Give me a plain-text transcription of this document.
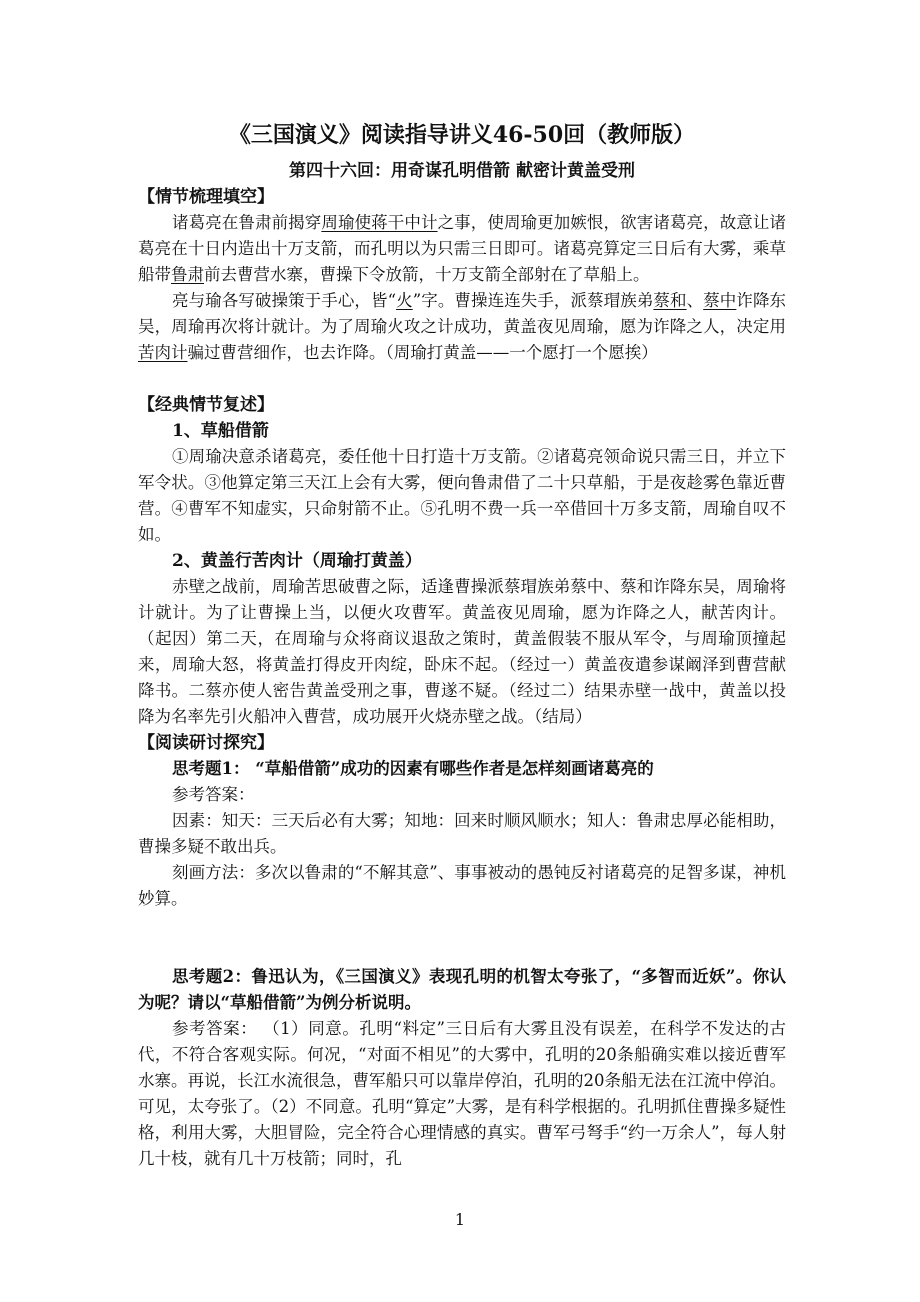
《三国演义》阅读指导讲义46-50回（教师版）
第四十六回：用奇谋孔明借箭 献密计黄盖受刑
【情节梳理填空】

诸葛亮在鲁肃前揭穿周瑜使蒋干中计之事，使周瑜更加嫉恨，欲害诸葛亮，故意让诸葛亮在十日内造出十万支箭，而孔明以为只需三日即可。诸葛亮算定三日后有大雾，乘草船带鲁肃前去曹营水寨，曹操下令放箭，十万支箭全部射在了草船上。

亮与瑜各写破操策于手心，皆“火”字。曹操连连失手，派蔡瑁族弟蔡和、蔡中诈降东吴，周瑜再次将计就计。为了周瑜火攻之计成功，黄盖夜见周瑜，愿为诈降之人，决定用苦肉计骗过曹营细作，也去诈降。（周瑜打黄盖——一个愿打一个愿挨）

【经典情节复述】
1、草船借箭

①周瑜决意杀诸葛亮，委任他十日打造十万支箭。②诸葛亮领命说只需三日，并立下军令状。③他算定第三天江上会有大雾，便向鲁肃借了二十只草船，于是夜趁雾色靠近曹营。④曹军不知虚实，只命射箭不止。⑤孔明不费一兵一卒借回十万多支箭，周瑜自叹不如。

2、黄盖行苦肉计（周瑜打黄盖）

赤壁之战前，周瑜苦思破曹之际，适逢曹操派蔡瑁族弟蔡中、蔡和诈降东吴，周瑜将计就计。为了让曹操上当，以便火攻曹军。黄盖夜见周瑜，愿为诈降之人，献苦肉计。 （起因）第二天，在周瑜与众将商议退敌之策时，黄盖假装不服从军令，与周瑜顶撞起来，周瑜大怒，将黄盖打得皮开肉绽，卧床不起。（经过一）黄盖夜遣参谋阚泽到曹营献降书。二蔡亦使人密告黄盖受刑之事，曹遂不疑。（经过二）结果赤壁一战中，黄盖以投降为名率先引火船冲入曹营，成功展开火烧赤壁之战。（结局）

【阅读研讨探究】

思考题1： “草船借箭”成功的因素有哪些作者是怎样刻画诸葛亮的

参考答案：

因素：知天：三天后必有大雾；知地：回来时顺风顺水；知人：鲁肃忠厚必能相助，曹操多疑不敢出兵。

刻画方法：多次以鲁肃的“不解其意”、事事被动的愚钝反衬诸葛亮的足智多谋，神机妙算。

思考题2：鲁迅认为，《三国演义》表现孔明的机智太夸张了，“多智而近妖”。你认为呢？请以“草船借箭”为例分析说明。

参考答案： （1）同意。孔明“料定”三日后有大雾且没有误差，在科学不发达的古代，不符合客观实际。何况，“对面不相见”的大雾中，孔明的20条船确实难以接近曹军水寨。再说，长江水流很急，曹军船只可以靠岸停泊，孔明的20条船无法在江流中停泊。可见，太夸张了。（2）不同意。孔明“算定”大雾，是有科学根据的。孔明抓住曹操多疑性格，利用大雾，大胆冒险，完全符合心理情感的真实。曹军弓弩手“约一万余人”，每人射几十枝，就有几十万枝箭；同时，孔

1
